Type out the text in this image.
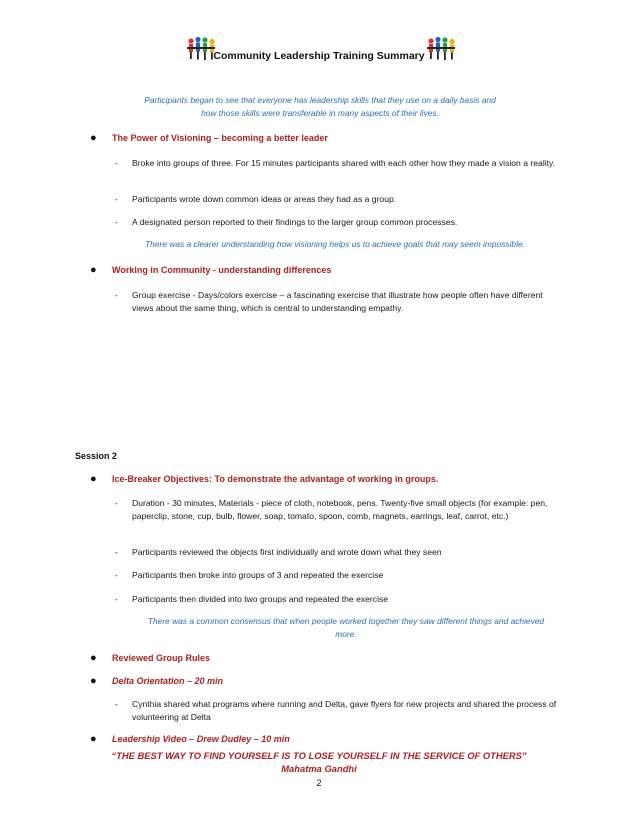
Community Leadership Training Summary
Participants began to see that everyone has leadership skills that they use on a daily basis and how those skills were transferable in many aspects of their lives.
● The Power of Visioning – becoming a better leader
- Broke into groups of three. For 15 minutes participants shared with each other how they made a vision a reality.
- Participants wrote down common ideas or areas they had as a group.
- A designated person reported to their findings to the larger group common processes.
There was a clearer understanding how visioning helps us to achieve goals that may seem impossible.
● Working in Community - understanding differences
- Group exercise - Days/colors exercise – a fascinating exercise that illustrate how people often have different views about the same thing, which is central to understanding empathy.
Session 2
● Ice-Breaker Objectives: To demonstrate the advantage of working in groups.
- Duration - 30 minutes, Materials - piece of cloth, notebook, pens. Twenty-five small objects (for example: pen, paperclip, stone, cup, bulb, flower, soap, tomato, spoon, comb, magnets, earrings, leaf, carrot, etc.)
- Participants reviewed the objects first individually and wrote down what they seen
- Participants then broke into groups of 3 and repeated the exercise
- Participants then divided into two groups and repeated the exercise
There was a common consensus that when people worked together they saw different things and achieved more.
● Reviewed Group Rules
● Delta Orientation – 20 min
- Cynthia shared what programs where running and Delta, gave flyers for new projects and shared the process of volunteering at Delta
● Leadership Video – Drew Dudley – 10 min
“THE BEST WAY TO FIND YOURSELF IS TO LOSE YOURSELF IN THE SERVICE OF OTHERS”
Mahatma Gandhi
2
